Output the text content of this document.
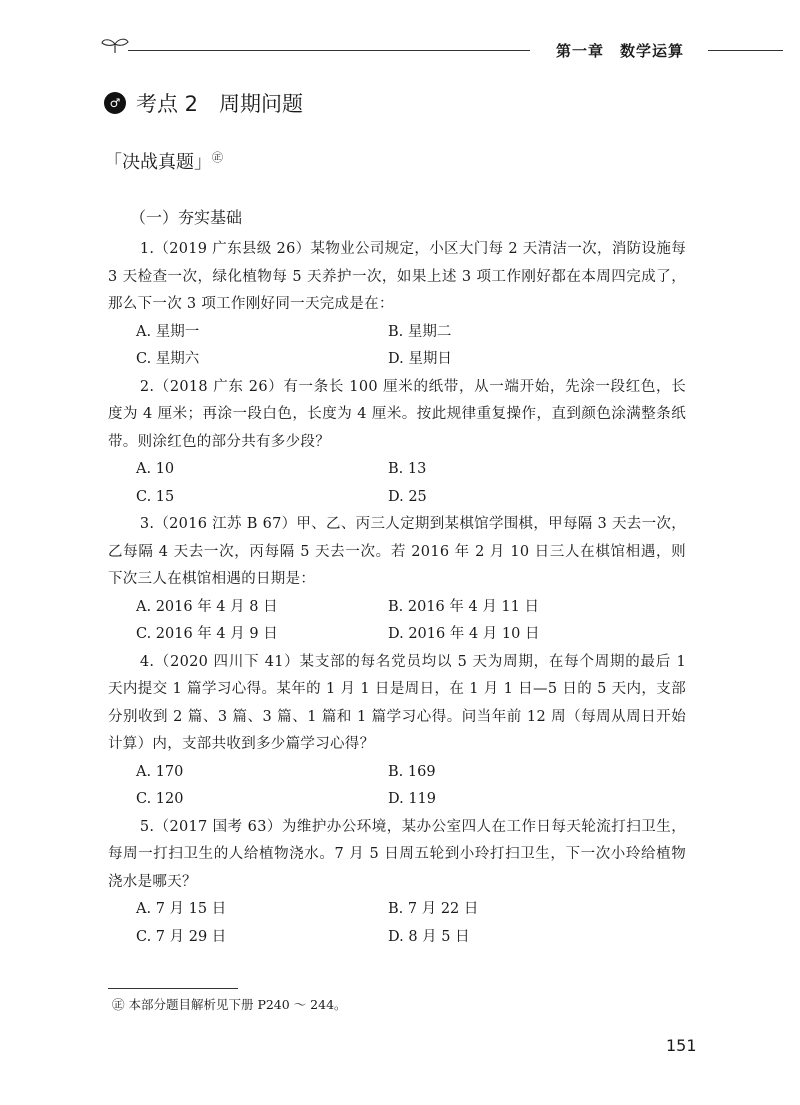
第一章　数学运算
♂ 考点 2　周期问题
「决战真题」㊣
（一）夯实基础
1.（2019 广东县级 26）某物业公司规定，小区大门每 2 天清洁一次，消防设施每 3 天检查一次，绿化植物每 5 天养护一次，如果上述 3 项工作刚好都在本周四完成了，那么下一次 3 项工作刚好同一天完成是在：
A. 星期一	B. 星期二
C. 星期六	D. 星期日
2.（2018 广东 26）有一条长 100 厘米的纸带，从一端开始，先涂一段红色，长度为 4 厘米；再涂一段白色，长度为 4 厘米。按此规律重复操作，直到颜色涂满整条纸带。则涂红色的部分共有多少段？
A. 10	B. 13
C. 15	D. 25
3.（2016 江苏 B 67）甲、乙、丙三人定期到某棋馆学围棋，甲每隔 3 天去一次，乙每隔 4 天去一次，丙每隔 5 天去一次。若 2016 年 2 月 10 日三人在棋馆相遇，则下次三人在棋馆相遇的日期是：
A. 2016 年 4 月 8 日	B. 2016 年 4 月 11 日
C. 2016 年 4 月 9 日	D. 2016 年 4 月 10 日
4.（2020 四川下 41）某支部的每名党员均以 5 天为周期，在每个周期的最后 1 天内提交 1 篇学习心得。某年的 1 月 1 日是周日，在 1 月 1 日—5 日的 5 天内，支部分别收到 2 篇、3 篇、3 篇、1 篇和 1 篇学习心得。问当年前 12 周（每周从周日开始计算）内，支部共收到多少篇学习心得？
A. 170	B. 169
C. 120	D. 119
5.（2017 国考 63）为维护办公环境，某办公室四人在工作日每天轮流打扫卫生，每周一打扫卫生的人给植物浇水。7 月 5 日周五轮到小玲打扫卫生，下一次小玲给植物浇水是哪天？
A. 7 月 15 日	B. 7 月 22 日
C. 7 月 29 日	D. 8 月 5 日
㊣ 本部分题目解析见下册 P240 ～ 244。
151
